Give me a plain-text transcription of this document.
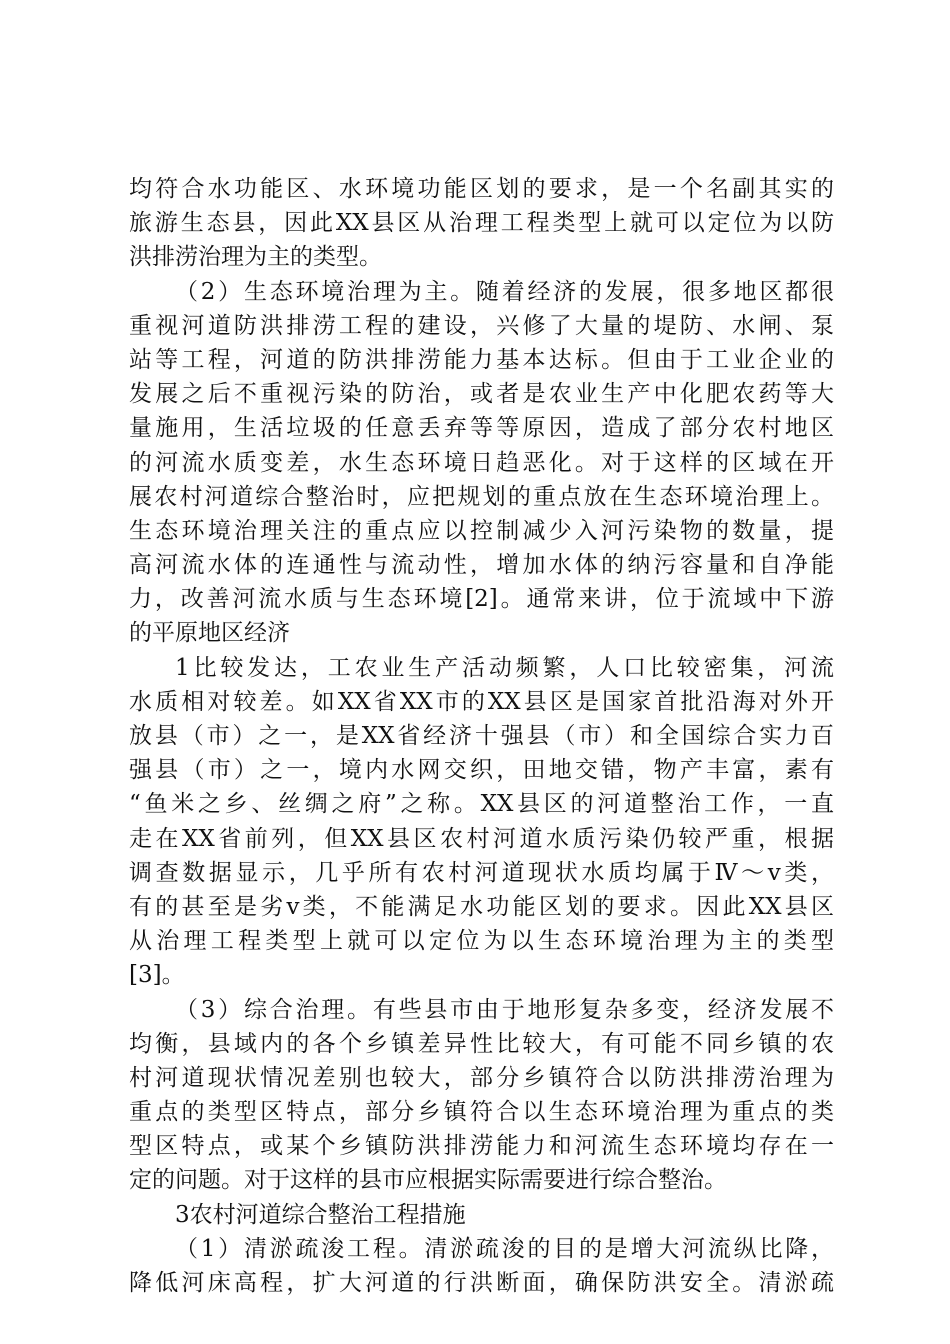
均符合水功能区、水环境功能区划的要求，是一个名副其实的
旅游生态县，因此XX县区从治理工程类型上就可以定位为以防
洪排涝治理为主的类型。
（2）生态环境治理为主。随着经济的发展，很多地区都很
重视河道防洪排涝工程的建设，兴修了大量的堤防、水闸、泵
站等工程，河道的防洪排涝能力基本达标。但由于工业企业的
发展之后不重视污染的防治，或者是农业生产中化肥农药等大
量施用，生活垃圾的任意丢弃等等原因，造成了部分农村地区
的河流水质变差，水生态环境日趋恶化。对于这样的区域在开
展农村河道综合整治时，应把规划的重点放在生态环境治理上。
生态环境治理关注的重点应以控制减少入河污染物的数量，提
高河流水体的连通性与流动性，增加水体的纳污容量和自净能
力，改善河流水质与生态环境[2]。通常来讲，位于流域中下游
的平原地区经济
1比较发达，工农业生产活动频繁，人口比较密集，河流
水质相对较差。如XX省XX市的XX县区是国家首批沿海对外开
放县（市）之一，是XX省经济十强县（市）和全国综合实力百
强县（市）之一，境内水网交织，田地交错，物产丰富，素有
“鱼米之乡、丝绸之府”之称。XX县区的河道整治工作，一直
走在XX省前列，但XX县区农村河道水质污染仍较严重，根据
调查数据显示，几乎所有农村河道现状水质均属于Ⅳ～v类，
有的甚至是劣v类，不能满足水功能区划的要求。因此XX县区
从治理工程类型上就可以定位为以生态环境治理为主的类型
[3]。
（3）综合治理。有些县市由于地形复杂多变，经济发展不
均衡，县域内的各个乡镇差异性比较大，有可能不同乡镇的农
村河道现状情况差别也较大，部分乡镇符合以防洪排涝治理为
重点的类型区特点，部分乡镇符合以生态环境治理为重点的类
型区特点，或某个乡镇防洪排涝能力和河流生态环境均存在一
定的问题。对于这样的县市应根据实际需要进行综合整治。
3农村河道综合整治工程措施
（1）清淤疏浚工程。清淤疏浚的目的是增大河流纵比降，
降低河床高程，扩大河道的行洪断面，确保防洪安全。清淤疏
